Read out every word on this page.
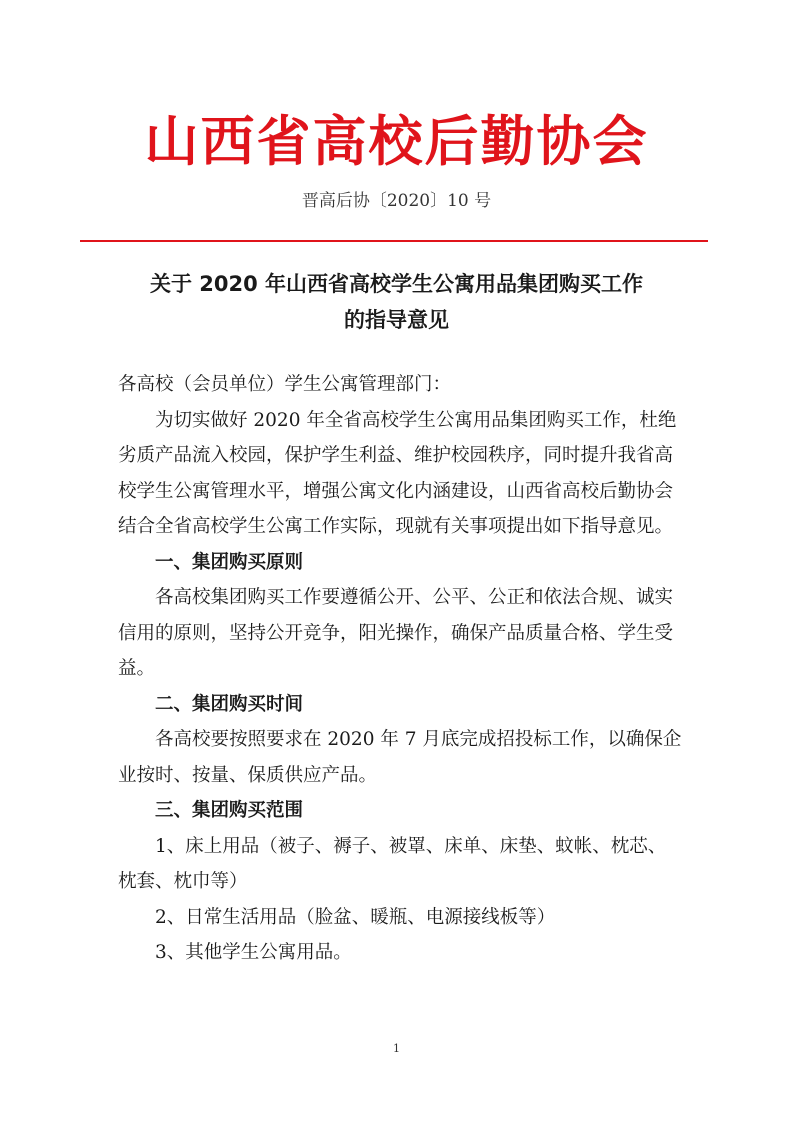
山西省高校后勤协会
晋高后协〔2020〕10 号
关于 2020 年山西省高校学生公寓用品集团购买工作
的指导意见

各高校（会员单位）学生公寓管理部门：

为切实做好 2020 年全省高校学生公寓用品集团购买工作，杜绝劣质产品流入校园，保护学生利益、维护校园秩序，同时提升我省高校学生公寓管理水平，增强公寓文化内涵建设，山西省高校后勤协会结合全省高校学生公寓工作实际，现就有关事项提出如下指导意见。

一、集团购买原则

各高校集团购买工作要遵循公开、公平、公正和依法合规、诚实信用的原则，坚持公开竞争，阳光操作，确保产品质量合格、学生受益。

二、集团购买时间

各高校要按照要求在 2020 年 7 月底完成招投标工作，以确保企业按时、按量、保质供应产品。

三、集团购买范围

1、床上用品（被子、褥子、被罩、床单、床垫、蚊帐、枕芯、枕套、枕巾等）

2、日常生活用品（脸盆、暖瓶、电源接线板等）

3、其他学生公寓用品。

1
